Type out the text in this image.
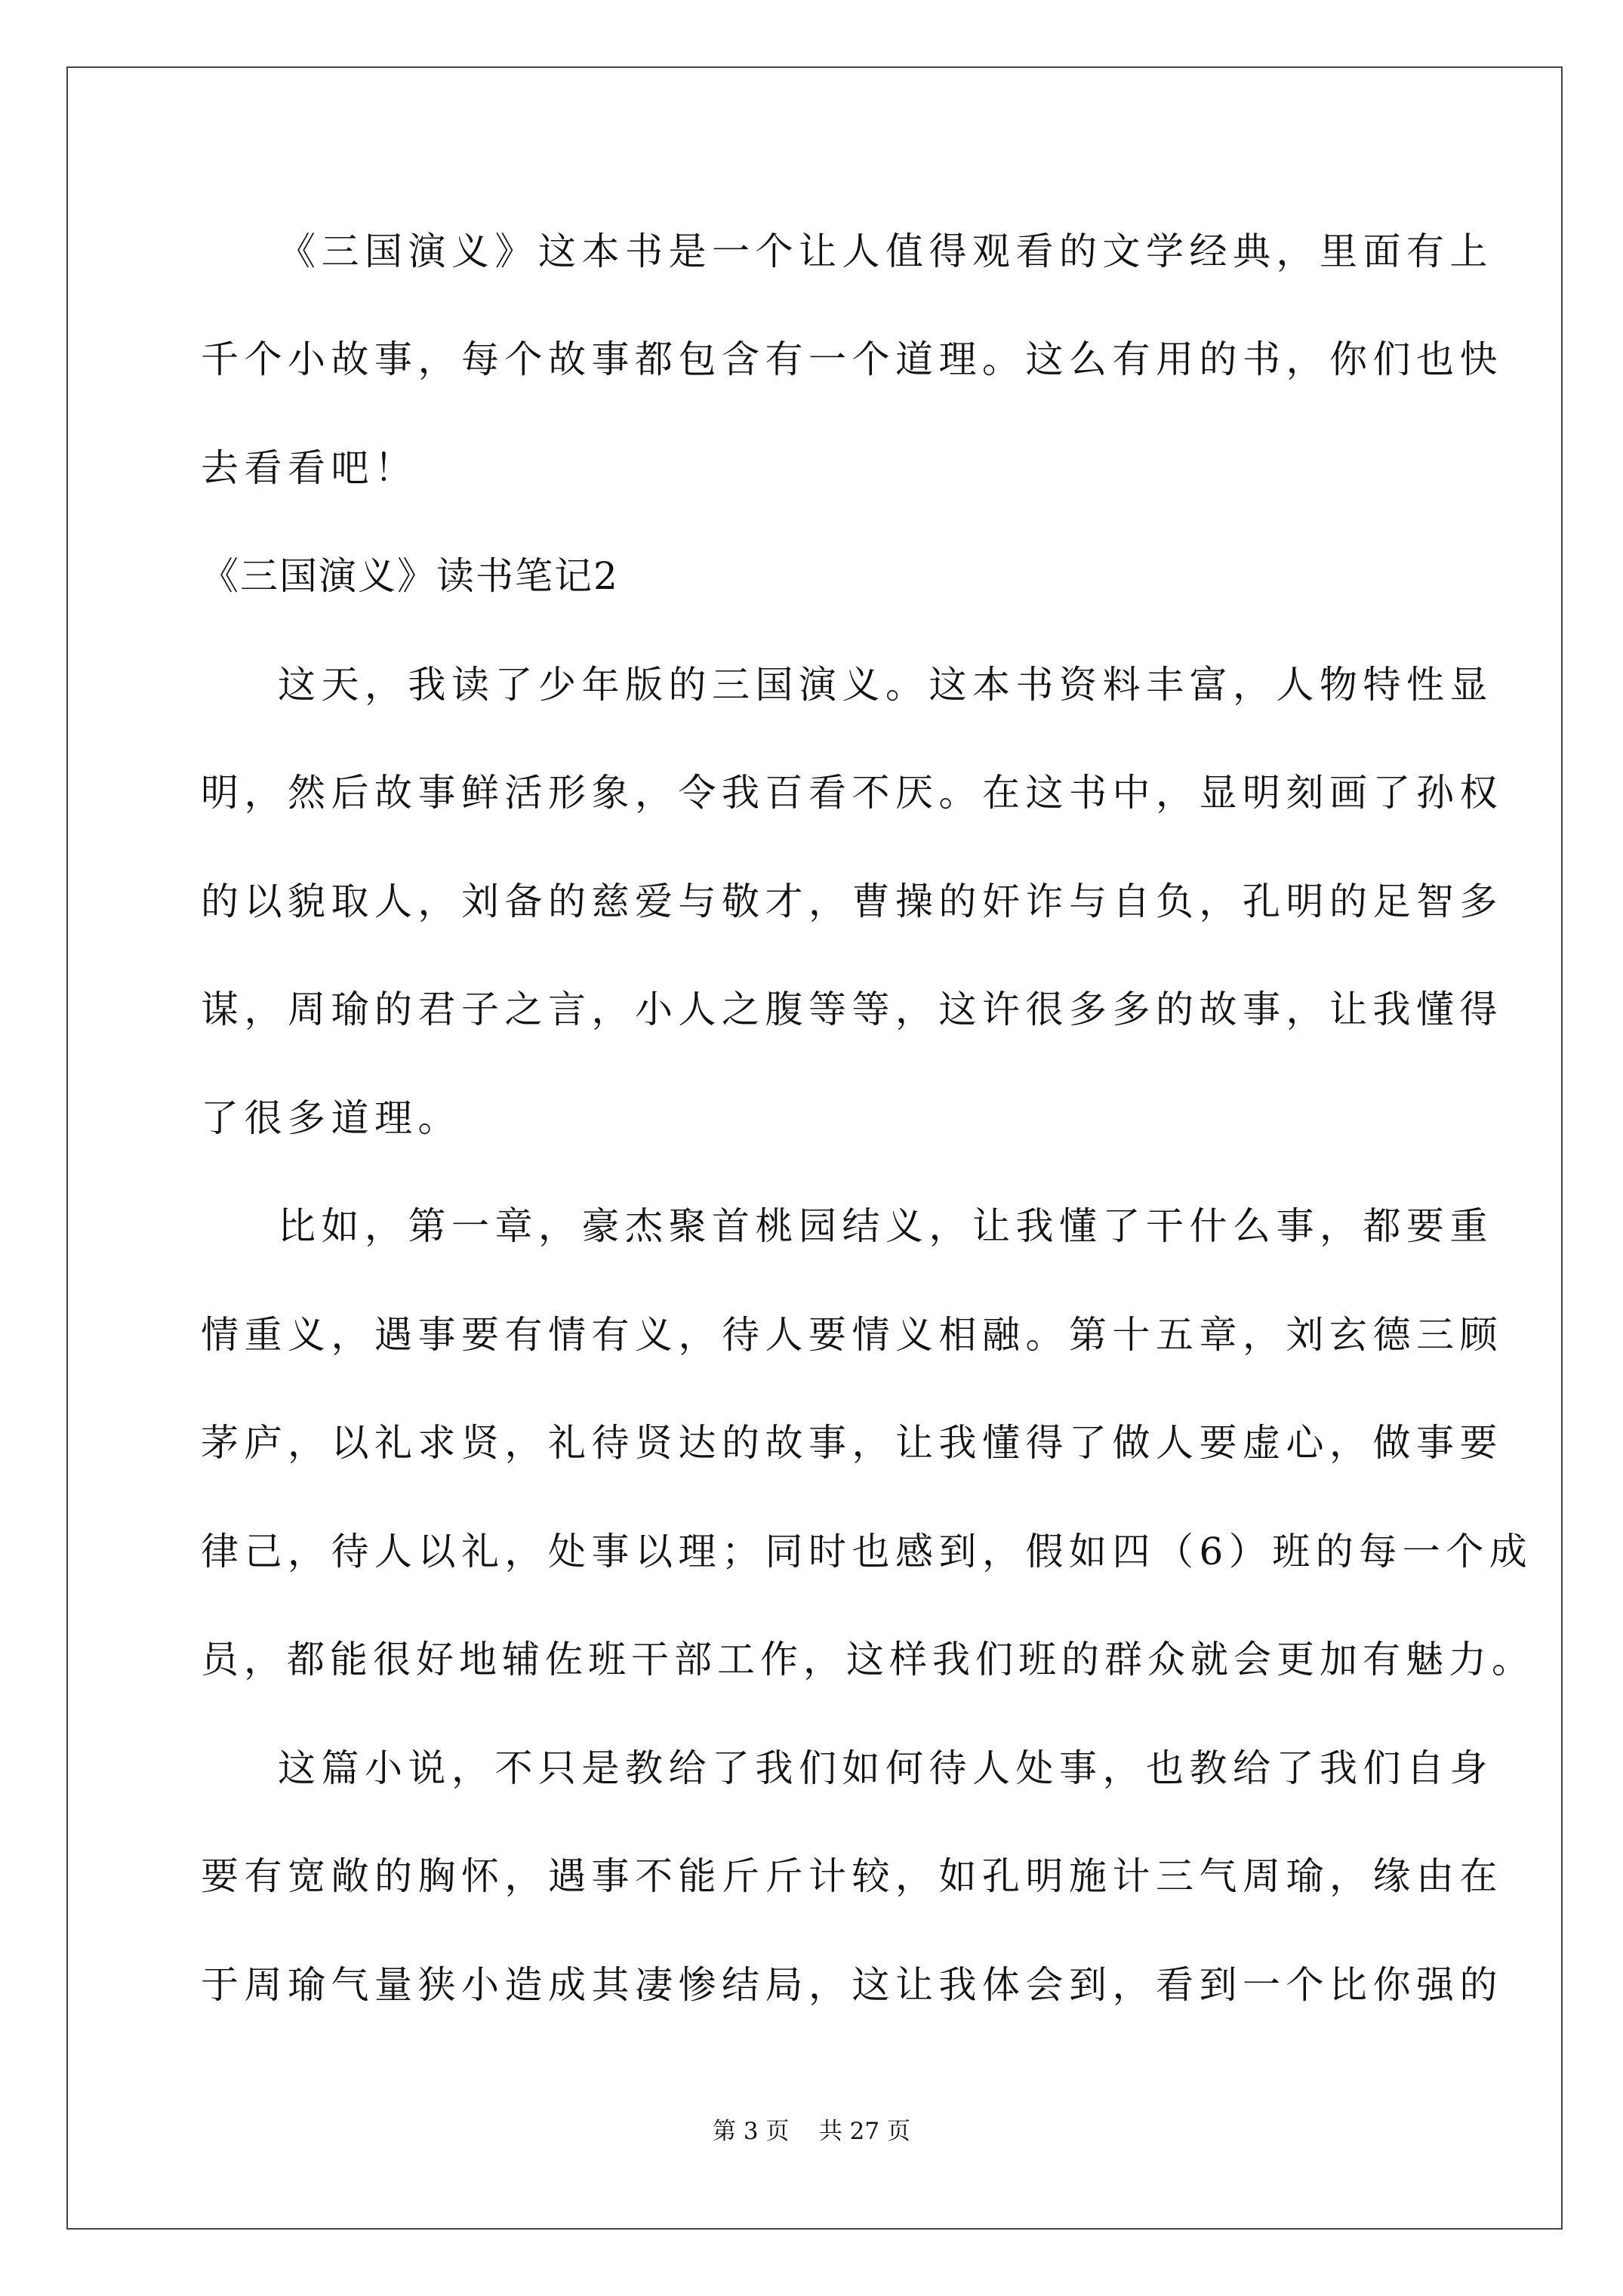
《三国演义》这本书是一个让人值得观看的文学经典，里面有上
千个小故事，每个故事都包含有一个道理。这么有用的书，你们也快
去看看吧！
《三国演义》读书笔记2
这天，我读了少年版的三国演义。这本书资料丰富，人物特性显
明，然后故事鲜活形象，令我百看不厌。在这书中，显明刻画了孙权
的以貌取人，刘备的慈爱与敬才，曹操的奸诈与自负，孔明的足智多
谋，周瑜的君子之言，小人之腹等等，这许很多多的故事，让我懂得
了很多道理。
比如，第一章，豪杰聚首桃园结义，让我懂了干什么事，都要重
情重义，遇事要有情有义，待人要情义相融。第十五章，刘玄德三顾
茅庐，以礼求贤，礼待贤达的故事，让我懂得了做人要虚心，做事要
律己，待人以礼，处事以理；同时也感到，假如四（6）班的每一个成
员，都能很好地辅佐班干部工作，这样我们班的群众就会更加有魅力。
这篇小说，不只是教给了我们如何待人处事，也教给了我们自身
要有宽敞的胸怀，遇事不能斤斤计较，如孔明施计三气周瑜，缘由在
于周瑜气量狭小造成其凄惨结局，这让我体会到，看到一个比你强的
第 3 页    共 27 页
